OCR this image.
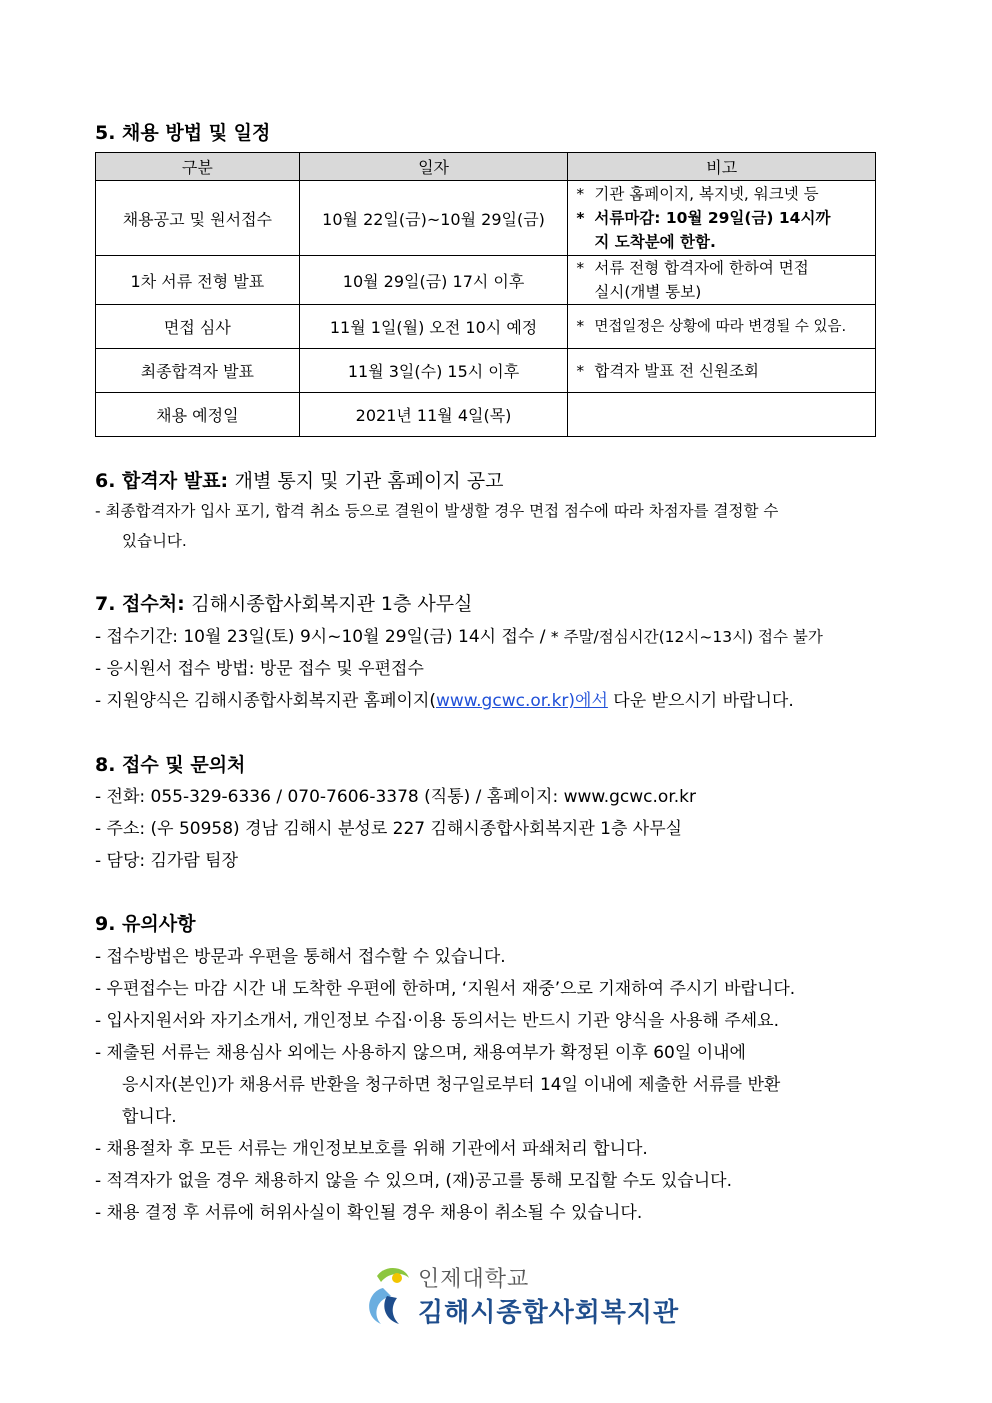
5. 채용 방법 및 일정
구분	일자	비고
채용공고 및 원서접수	10월 22일(금)~10월 29일(금)	* 기관 홈페이지, 복지넷, 워크넷 등
* 서류마감: 10월 29일(금) 14시까
지 도착분에 한함.

1차 서류 전형 발표	10월 29일(금) 17시 이후	* 서류 전형 합격자에 한하여 면접
실시(개별 통보)

면접 심사	11월 1일(월) 오전 10시 예정	* 면접일정은 상황에 따라 변경될 수 있음.
최종합격자 발표	11월 3일(수) 15시 이후	* 합격자 발표 전 신원조회
채용 예정일	2021년 11월 4일(목)	
6. 합격자 발표: 개별 통지 및 기관 홈페이지 공고
- 최종합격자가 입사 포기, 합격 취소 등으로 결원이 발생할 경우 면접 점수에 따라 차점자를 결정할 수
있습니다.
7. 접수처: 김해시종합사회복지관 1층 사무실
- 접수기간: 10월 23일(토) 9시~10월 29일(금) 14시 접수 / * 주말/점심시간(12시~13시) 접수 불가
- 응시원서 접수 방법: 방문 접수 및 우편접수
- 지원양식은 김해시종합사회복지관 홈페이지(www.gcwc.or.kr)에서 다운 받으시기 바랍니다.
8. 접수 및 문의처
- 전화: 055-329-6336 / 070-7606-3378 (직통) / 홈페이지: www.gcwc.or.kr
- 주소: (우 50958) 경남 김해시 분성로 227 김해시종합사회복지관 1층 사무실
- 담당: 김가람 팀장
9. 유의사항
- 접수방법은 방문과 우편을 통해서 접수할 수 있습니다.
- 우편접수는 마감 시간 내 도착한 우편에 한하며, ‘지원서 재중’으로 기재하여 주시기 바랍니다.
- 입사지원서와 자기소개서, 개인정보 수집·이용 동의서는 반드시 기관 양식을 사용해 주세요.
- 제출된 서류는 채용심사 외에는 사용하지 않으며, 채용여부가 확정된 이후 60일 이내에
응시자(본인)가 채용서류 반환을 청구하면 청구일로부터 14일 이내에 제출한 서류를 반환
합니다.
- 채용절차 후 모든 서류는 개인정보보호를 위해 기관에서 파쇄처리 합니다.
- 적격자가 없을 경우 채용하지 않을 수 있으며, (재)공고를 통해 모집할 수도 있습니다.
- 채용 결정 후 서류에 허위사실이 확인될 경우 채용이 취소될 수 있습니다.
인제대학교
김해시종합사회복지관
